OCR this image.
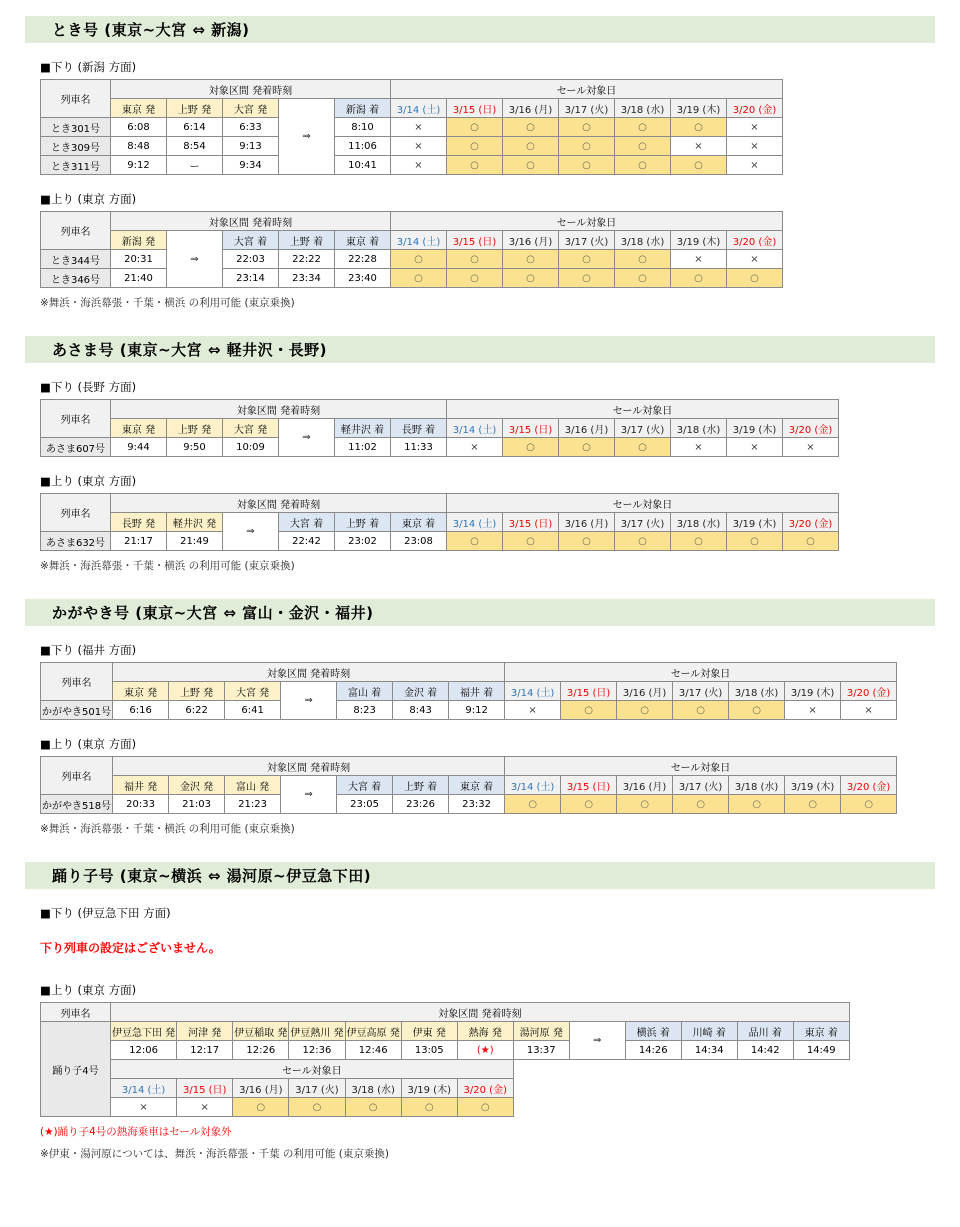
とき号 (東京~大宮 ⇔ 新潟)
■下り (新潟 方面)
列車名	対象区間 発着時刻					セール対象日						
	東京 発	上野 発	大宮 発	⇒	新潟 着	3/14 (土)	3/15 (日)	3/16 (月)	3/17 (火)	3/18 (水)	3/19 (木)	3/20 (金)
とき301号	6:08	6:14	6:33		8:10	×	○	○	○	○	○	×
とき309号	8:48	8:54	9:13		11:06	×	○	○	○	○	×	×
とき311号	9:12	ー	9:34		10:41	×	○	○	○	○	○	×
■上り (東京 方面)
列車名	対象区間 発着時刻					セール対象日						
	新潟 発	⇒	大宮 着	上野 着	東京 着	3/14 (土)	3/15 (日)	3/16 (月)	3/17 (火)	3/18 (水)	3/19 (木)	3/20 (金)
とき344号	20:31		22:03	22:22	22:28	○	○	○	○	○	×	×
とき346号	21:40		23:14	23:34	23:40	○	○	○	○	○	○	○
※舞浜・海浜幕張・千葉・横浜 の利用可能 (東京乗換)
あさま号 (東京~大宮 ⇔ 軽井沢・長野)
■下り (長野 方面)
列車名	対象区間 発着時刻						セール対象日						
	東京 発	上野 発	大宮 発	⇒	軽井沢 着	長野 着	3/14 (土)	3/15 (日)	3/16 (月)	3/17 (火)	3/18 (水)	3/19 (木)	3/20 (金)
あさま607号	9:44	9:50	10:09		11:02	11:33	×	○	○	○	×	×	×
■上り (東京 方面)
列車名	対象区間 発着時刻						セール対象日						
	長野 発	軽井沢 発	⇒	大宮 着	上野 着	東京 着	3/14 (土)	3/15 (日)	3/16 (月)	3/17 (火)	3/18 (水)	3/19 (木)	3/20 (金)
あさま632号	21:17	21:49		22:42	23:02	23:08	○	○	○	○	○	○	○
※舞浜・海浜幕張・千葉・横浜 の利用可能 (東京乗換)
かがやき号 (東京~大宮 ⇔ 富山・金沢・福井)
■下り (福井 方面)
列車名	対象区間 発着時刻							セール対象日						
	東京 発	上野 発	大宮 発	⇒	富山 着	金沢 着	福井 着	3/14 (土)	3/15 (日)	3/16 (月)	3/17 (火)	3/18 (水)	3/19 (木)	3/20 (金)
かがやき501号	6:16	6:22	6:41		8:23	8:43	9:12	×	○	○	○	○	×	×
■上り (東京 方面)
列車名	対象区間 発着時刻							セール対象日						
	福井 発	金沢 発	富山 発	⇒	大宮 着	上野 着	東京 着	3/14 (土)	3/15 (日)	3/16 (月)	3/17 (火)	3/18 (水)	3/19 (木)	3/20 (金)
かがやき518号	20:33	21:03	21:23		23:05	23:26	23:32	○	○	○	○	○	○	○
※舞浜・海浜幕張・千葉・横浜 の利用可能 (東京乗換)
踊り子号 (東京~横浜 ⇔ 湯河原~伊豆急下田)
■下り (伊豆急下田 方面)
下り列車の設定はございません。
■上り (東京 方面)
列車名	対象区間 発着時刻												
踊り子4号	伊豆急下田 発	河津 発	伊豆稲取 発	伊豆熱川 発	伊豆高原 発	伊東 発	熱海 発	湯河原 発	⇒	横浜 着	川崎 着	品川 着	東京 着
	12:06	12:17	12:26	12:36	12:46	13:05	(★)	13:37		14:26	14:34	14:42	14:49
	セール対象日												
	3/14 (土)	3/15 (日)	3/16 (月)	3/17 (火)	3/18 (水)	3/19 (木)	3/20 (金)						
	×	×	○	○	○	○	○						
(★)踊り子4号の熱海乗車はセール対象外
※伊東・湯河原については、舞浜・海浜幕張・千葉 の利用可能 (東京乗換)
